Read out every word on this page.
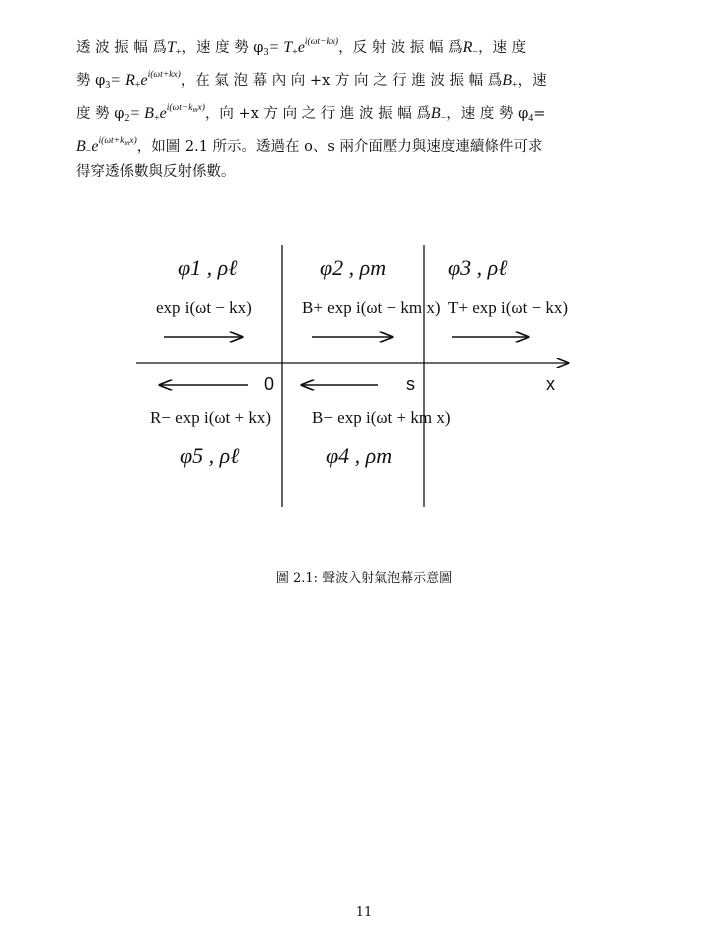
透 波 振 幅 爲T+，速 度 勢 φ3= T+ei(ωt−kx)，反 射 波 振 幅 爲R−，速 度
勢 φ3= R+ei(ωt+kx)，在 氣 泡 幕 內 向 +x 方 向 之 行 進 波 振 幅 爲B+，速
度 勢 φ2= B+ei(ωt−kmx)，向 +x 方 向 之 行 進 波 振 幅 爲B−，速 度 勢 φ4=
B−ei(ωt+kmx)，如圖 2.1 所示。透過在 o、s 兩介面壓力與速度連續條件可求
得穿透係數與反射係數。
φ1 , ρℓ	φ2 , ρm	φ3 , ρℓ
exp i(ωt − kx)	B+ exp i(ωt − km x) T+ exp i(ωt − kx)
0	s	x
R− exp i(ωt + kx) B− exp i(ωt + km x)
φ5 , ρℓ	φ4 , ρm
圖 2.1: 聲波入射氣泡幕示意圖
11
